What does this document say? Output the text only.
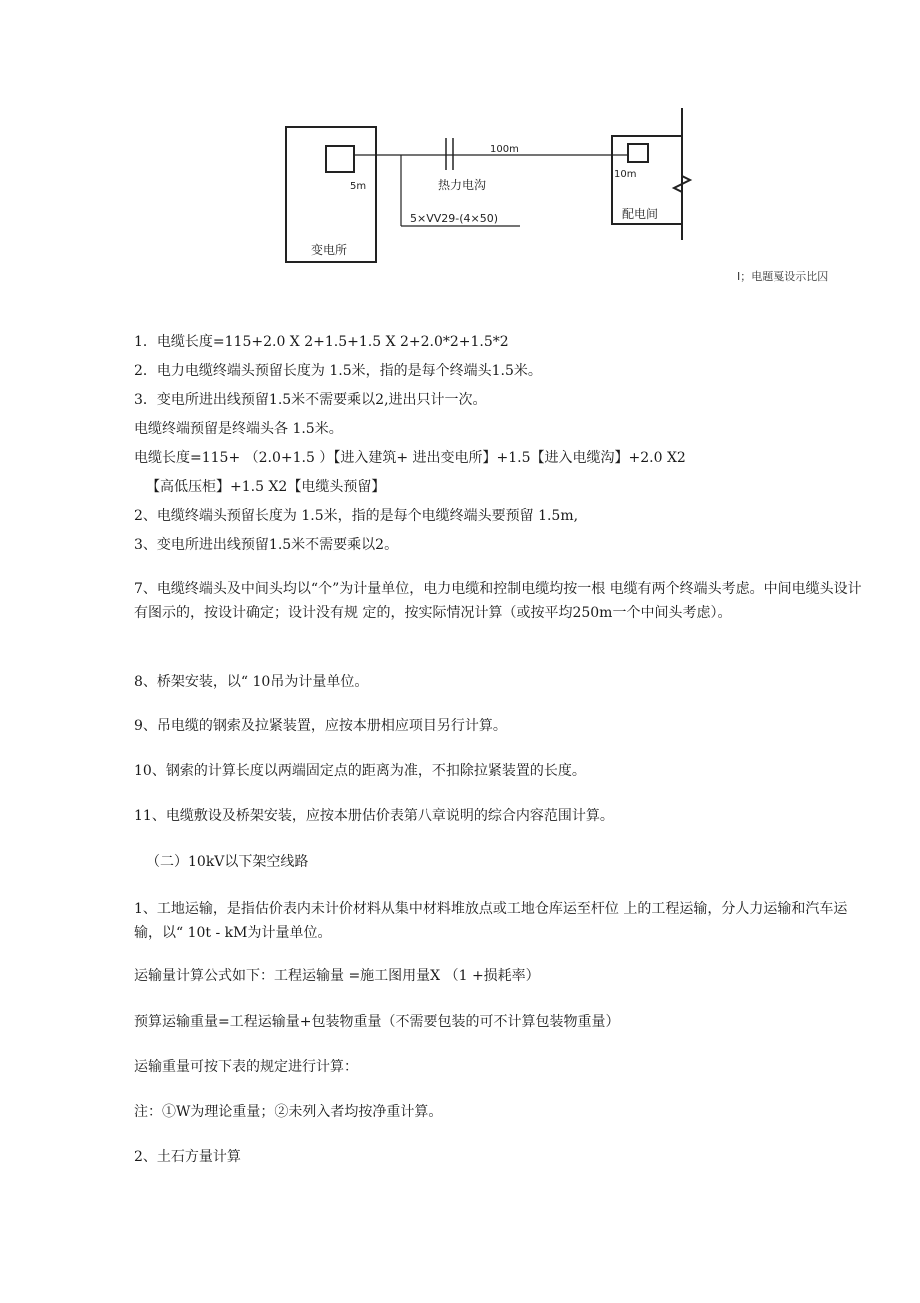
5m
变电所
100m
热力电沟
5×VV29-(4×50)
10m
配电间
I；电题戛设示比囚
1．电缆长度=115+2.0 X 2+1.5+1.5 X 2+2.0*2+1.5*2
2．电力电缆终端头预留长度为 1.5米，指的是每个终端头1.5米。
3．变电所进出线预留1.5米不需要乘以2,进出只计一次。
电缆终端预留是终端头各 1.5米。
电缆长度=115+ （2.0+1.5 ）【进入建筑+ 进出变电所】+1.5【进入电缆沟】+2.0 X2
【高低压柜】+1.5 X2【电缆头预留】
2、电缆终端头预留长度为 1.5米，指的是每个电缆终端头要预留 1.5m,
3、变电所进出线预留1.5米不需要乘以2。
7、电缆终端头及中间头均以“个”为计量单位，电力电缆和控制电缆均按一根 电缆有两个终端头考虑。中间电缆头设计有图示的，按设计确定；设计没有规 定的，按实际情况计算（或按平均250m一个中间头考虑）。
8、桥架安装，以“ 10吊为计量单位。
9、吊电缆的钢索及拉紧装置，应按本册相应项目另行计算。
10、钢索的计算长度以两端固定点的距离为准，不扣除拉紧装置的长度。
11、电缆敷设及桥架安装，应按本册估价表第八章说明的综合内容范围计算。
（二）10kV以下架空线路
1、工地运输，是指估价表内未计价材料从集中材料堆放点或工地仓库运至杆位 上的工程运输，分人力运输和汽车运输，以“ 10t - kM为计量单位。
运输量计算公式如下：工程运输量 =施工图用量X （1 +损耗率）
预算运输重量=工程运输量+包装物重量（不需要包装的可不计算包装物重量）
运输重量可按下表的规定进行计算：
注：①W为理论重量；②未列入者均按净重计算。
2、土石方量计算
